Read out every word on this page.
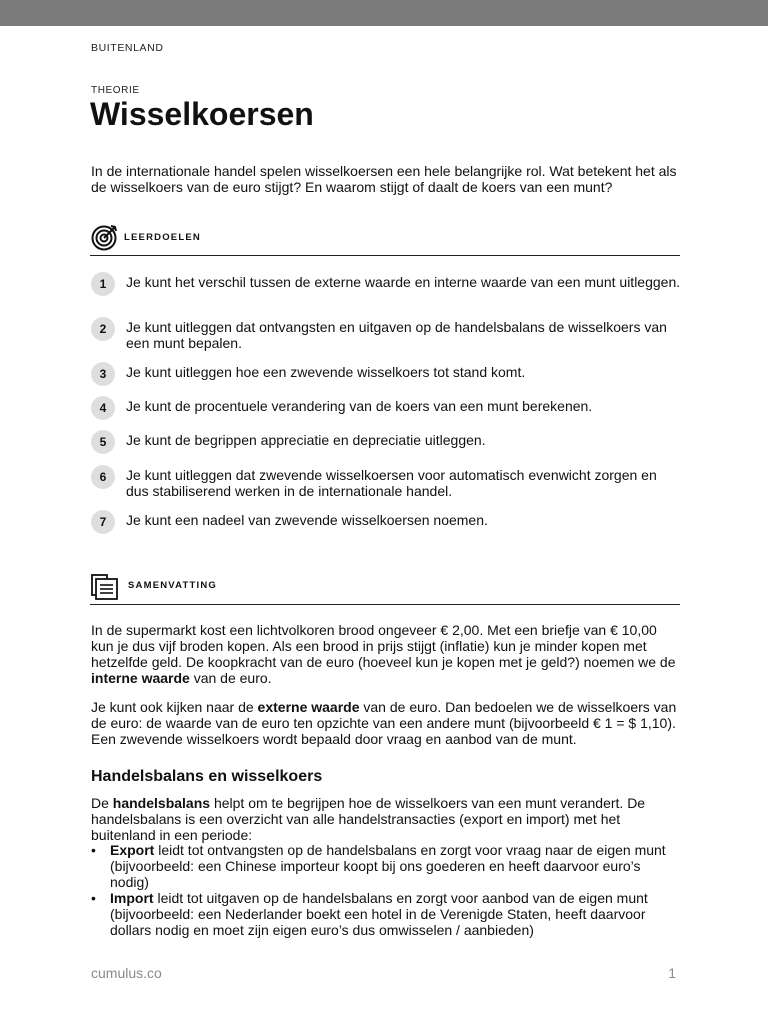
BUITENLAND
THEORIE
Wisselkoersen

In de internationale handel spelen wisselkoersen een hele belangrijke rol. Wat betekent het als de wisselkoers van de euro stijgt? En waarom stijgt of daalt de koers van een munt?

LEERDOELEN
1	Je kunt het verschil tussen de externe waarde en interne waarde van een munt uitleggen.
2	Je kunt uitleggen dat ontvangsten en uitgaven op de handelsbalans de wisselkoers van een munt bepalen.
3	Je kunt uitleggen hoe een zwevende wisselkoers tot stand komt.
4	Je kunt de procentuele verandering van de koers van een munt berekenen.
5	Je kunt de begrippen appreciatie en depreciatie uitleggen.
6	Je kunt uitleggen dat zwevende wisselkoersen voor automatisch evenwicht zorgen en dus stabiliserend werken in de internationale handel.
7	Je kunt een nadeel van zwevende wisselkoersen noemen.
SAMENVATTING

In de supermarkt kost een lichtvolkoren brood ongeveer € 2,00. Met een briefje van € 10,00 kun je dus vijf broden kopen. Als een brood in prijs stijgt (inflatie) kun je minder kopen met hetzelfde geld. De koopkracht van de euro (hoeveel kun je kopen met je geld?) noemen we de interne waarde van de euro.

Je kunt ook kijken naar de externe waarde van de euro. Dan bedoelen we de wisselkoers van de euro: de waarde van de euro ten opzichte van een andere munt (bijvoorbeeld € 1 = $ 1,10). Een zwevende wisselkoers wordt bepaald door vraag en aanbod van de munt.

Handelsbalans en wisselkoers

De handelsbalans helpt om te begrijpen hoe de wisselkoers van een munt verandert. De handelsbalans is een overzicht van alle handelstransacties (export en import) met het buitenland in een periode:

• Export leidt tot ontvangsten op de handelsbalans en zorgt voor vraag naar de eigen munt (bijvoorbeeld: een Chinese importeur koopt bij ons goederen en heeft daarvoor euro’s nodig)
• Import leidt tot uitgaven op de handelsbalans en zorgt voor aanbod van de eigen munt (bijvoorbeeld: een Nederlander boekt een hotel in de Verenigde Staten, heeft daarvoor dollars nodig en moet zijn eigen euro’s dus omwisselen / aanbieden)
cumulus.co	1
